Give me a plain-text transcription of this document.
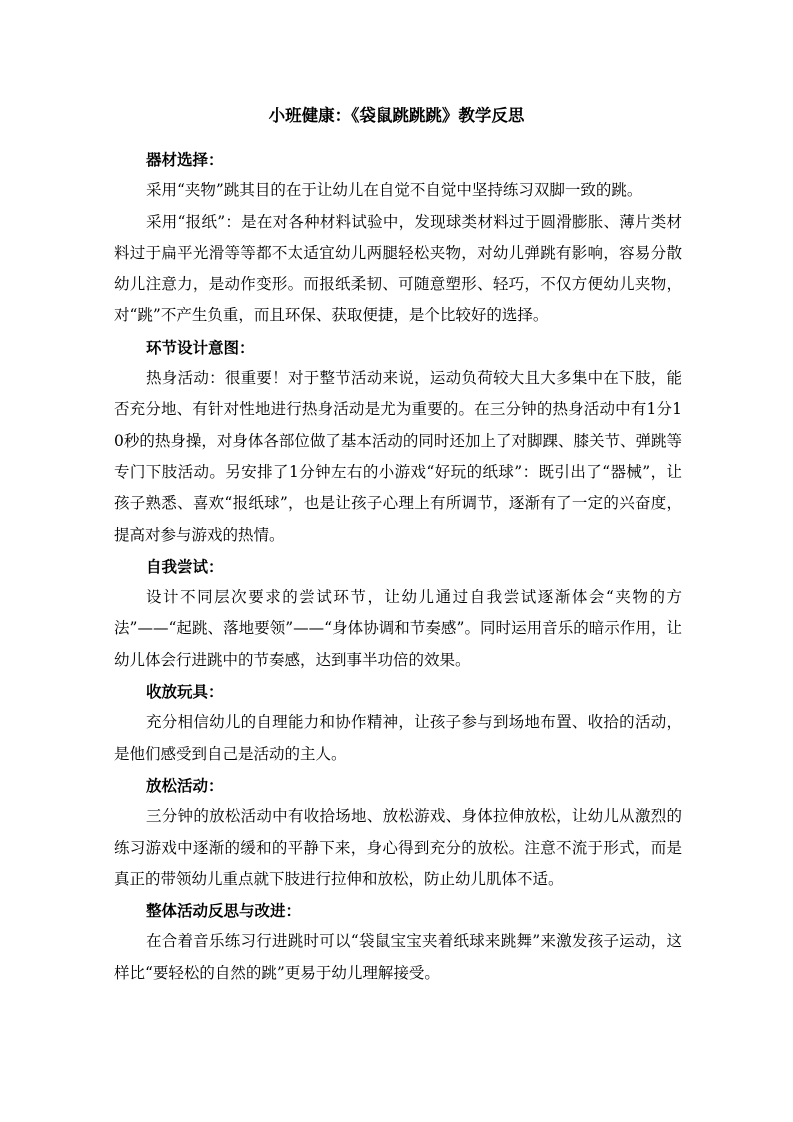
小班健康：《袋鼠跳跳跳》教学反思
器材选择：

采用“夹物”跳其目的在于让幼儿在自觉不自觉中坚持练习双脚一致的跳。

采用“报纸”：是在对各种材料试验中，发现球类材料过于圆滑膨胀、薄片类材料过于扁平光滑等等都不太适宜幼儿两腿轻松夹物，对幼儿弹跳有影响，容易分散幼儿注意力，是动作变形。而报纸柔韧、可随意塑形、轻巧，不仅方便幼儿夹物，对“跳”不产生负重，而且环保、获取便捷，是个比较好的选择。

环节设计意图：

热身活动：很重要！对于整节活动来说，运动负荷较大且大多集中在下肢，能否充分地、有针对性地进行热身活动是尤为重要的。在三分钟的热身活动中有1分10秒的热身操，对身体各部位做了基本活动的同时还加上了对脚踝、膝关节、弹跳等专门下肢活动。另安排了1分钟左右的小游戏“好玩的纸球”：既引出了“器械”，让孩子熟悉、喜欢“报纸球”，也是让孩子心理上有所调节，逐渐有了一定的兴奋度，提高对参与游戏的热情。

自我尝试：

设计不同层次要求的尝试环节，让幼儿通过自我尝试逐渐体会“夹物的方法”——“起跳、落地要领”——“身体协调和节奏感”。同时运用音乐的暗示作用，让幼儿体会行进跳中的节奏感，达到事半功倍的效果。

收放玩具：

充分相信幼儿的自理能力和协作精神，让孩子参与到场地布置、收拾的活动，是他们感受到自己是活动的主人。

放松活动：

三分钟的放松活动中有收拾场地、放松游戏、身体拉伸放松，让幼儿从激烈的练习游戏中逐渐的缓和的平静下来，身心得到充分的放松。注意不流于形式，而是真正的带领幼儿重点就下肢进行拉伸和放松，防止幼儿肌体不适。

整体活动反思与改进：

在合着音乐练习行进跳时可以“袋鼠宝宝夹着纸球来跳舞”来激发孩子运动，这样比“要轻松的自然的跳”更易于幼儿理解接受。
